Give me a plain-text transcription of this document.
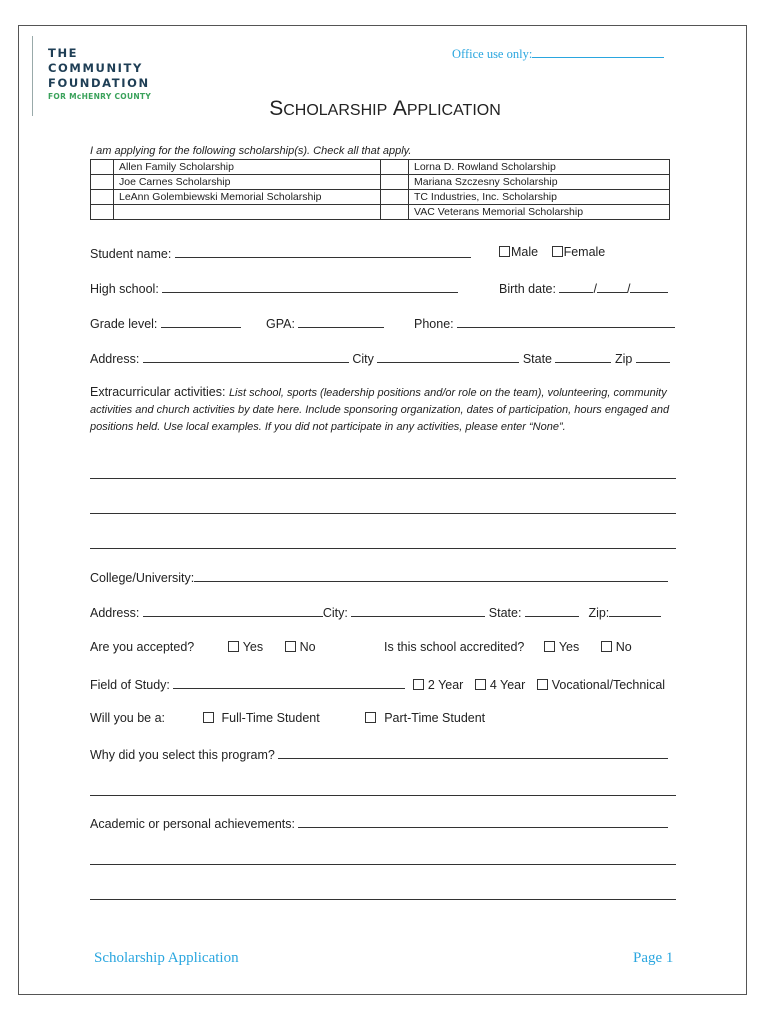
THE
COMMUNITY
FOUNDATION
FOR McHENRY COUNTY
Office use only:
SCHOLARSHIP APPLICATION
I am applying for the following scholarship(s). Check all that apply.
	Allen Family Scholarship		Lorna D. Rowland Scholarship
	Joe Carnes Scholarship		Mariana Szczesny Scholarship
	LeAnn Golembiewski Memorial Scholarship		TC Industries, Inc. Scholarship
			VAC Veterans Memorial Scholarship
Student name:	Male Female
High school:	Birth date:	/ /
Grade level:	GPA:	Phone:
Address:	City	State	Zip
Extracurricular activities: List school, sports (leadership positions and/or role on the team), volunteering, community activities and church activities by date here. Include sponsoring organization, dates of participation, hours engaged and positions held. Use local examples. If you did not participate in any activities, please enter “None”.
College/University:
Address:	City:	State:	Zip:
Are you accepted?	Yes	No	Is this school accredited?	Yes	No
Field of Study:	2 Year 4 Year Vocational/Technical
Will you be a:	Full-Time Student	Part-Time Student
Why did you select this program?
Academic or personal achievements:
Scholarship Application	Page 1
